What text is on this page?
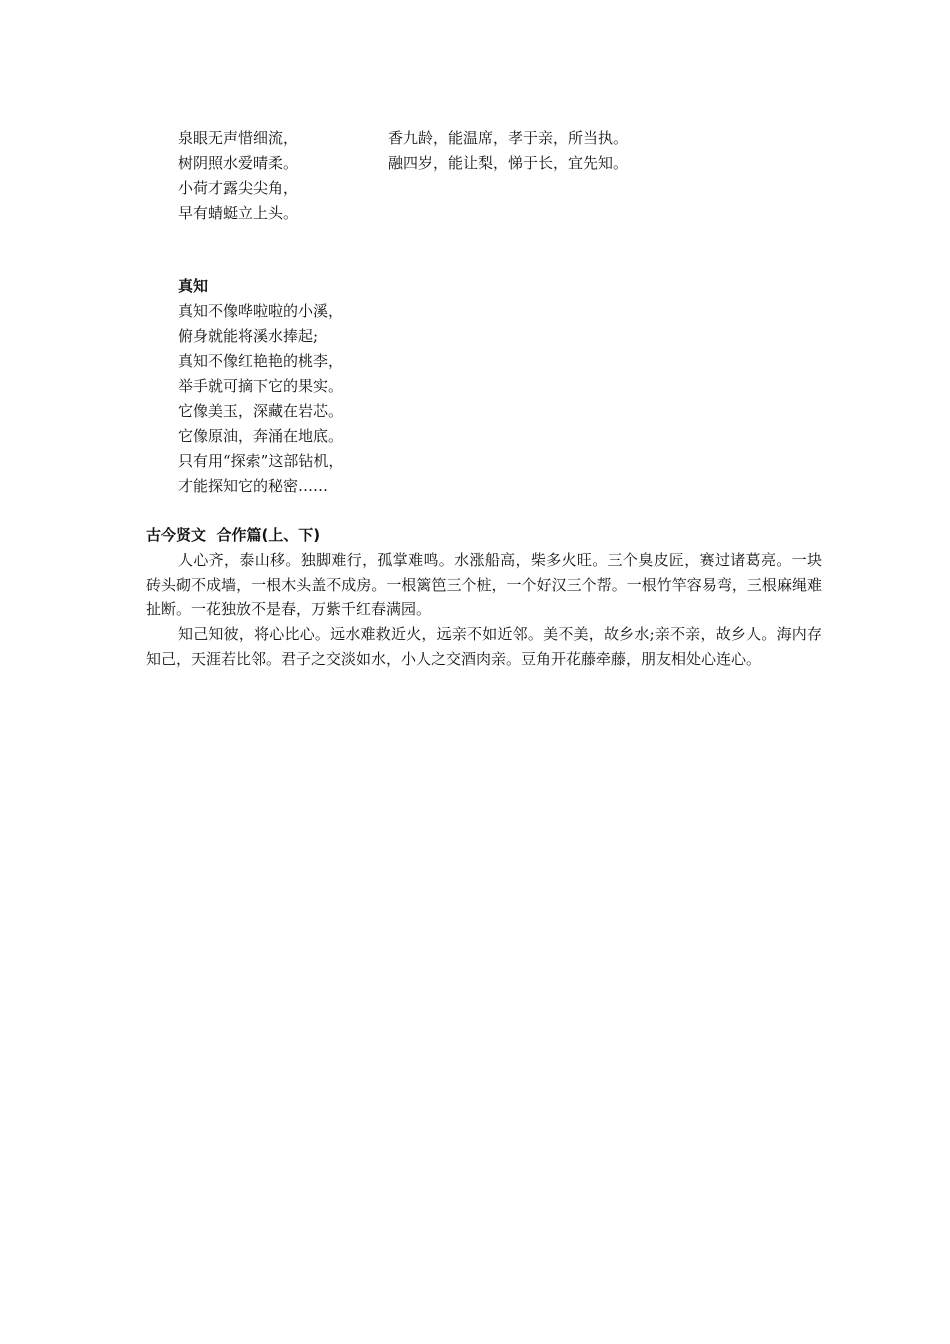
泉眼无声惜细流，
树阴照水爱晴柔。
小荷才露尖尖角，
早有蜻蜓立上头。
香九龄，能温席，孝于亲，所当执。
融四岁，能让梨，悌于长，宜先知。
真知
真知不像哗啦啦的小溪，
俯身就能将溪水捧起;
真知不像红艳艳的桃李，
举手就可摘下它的果实。
它像美玉，深藏在岩芯。
它像原油，奔涌在地底。
只有用“探索”这部钻机，
才能探知它的秘密……
古今贤文  合作篇(上、下)
人心齐，泰山移。独脚难行，孤掌难鸣。水涨船高，柴多火旺。三个臭皮匠，赛过诸葛亮。一块砖头砌不成墙，一根木头盖不成房。一根篱笆三个桩，一个好汉三个帮。一根竹竿容易弯，三根麻绳难扯断。一花独放不是春，万紫千红春满园。
知己知彼，将心比心。远水难救近火，远亲不如近邻。美不美，故乡水;亲不亲，故乡人。海内存知己，天涯若比邻。君子之交淡如水，小人之交酒肉亲。豆角开花藤牵藤，朋友相处心连心。
